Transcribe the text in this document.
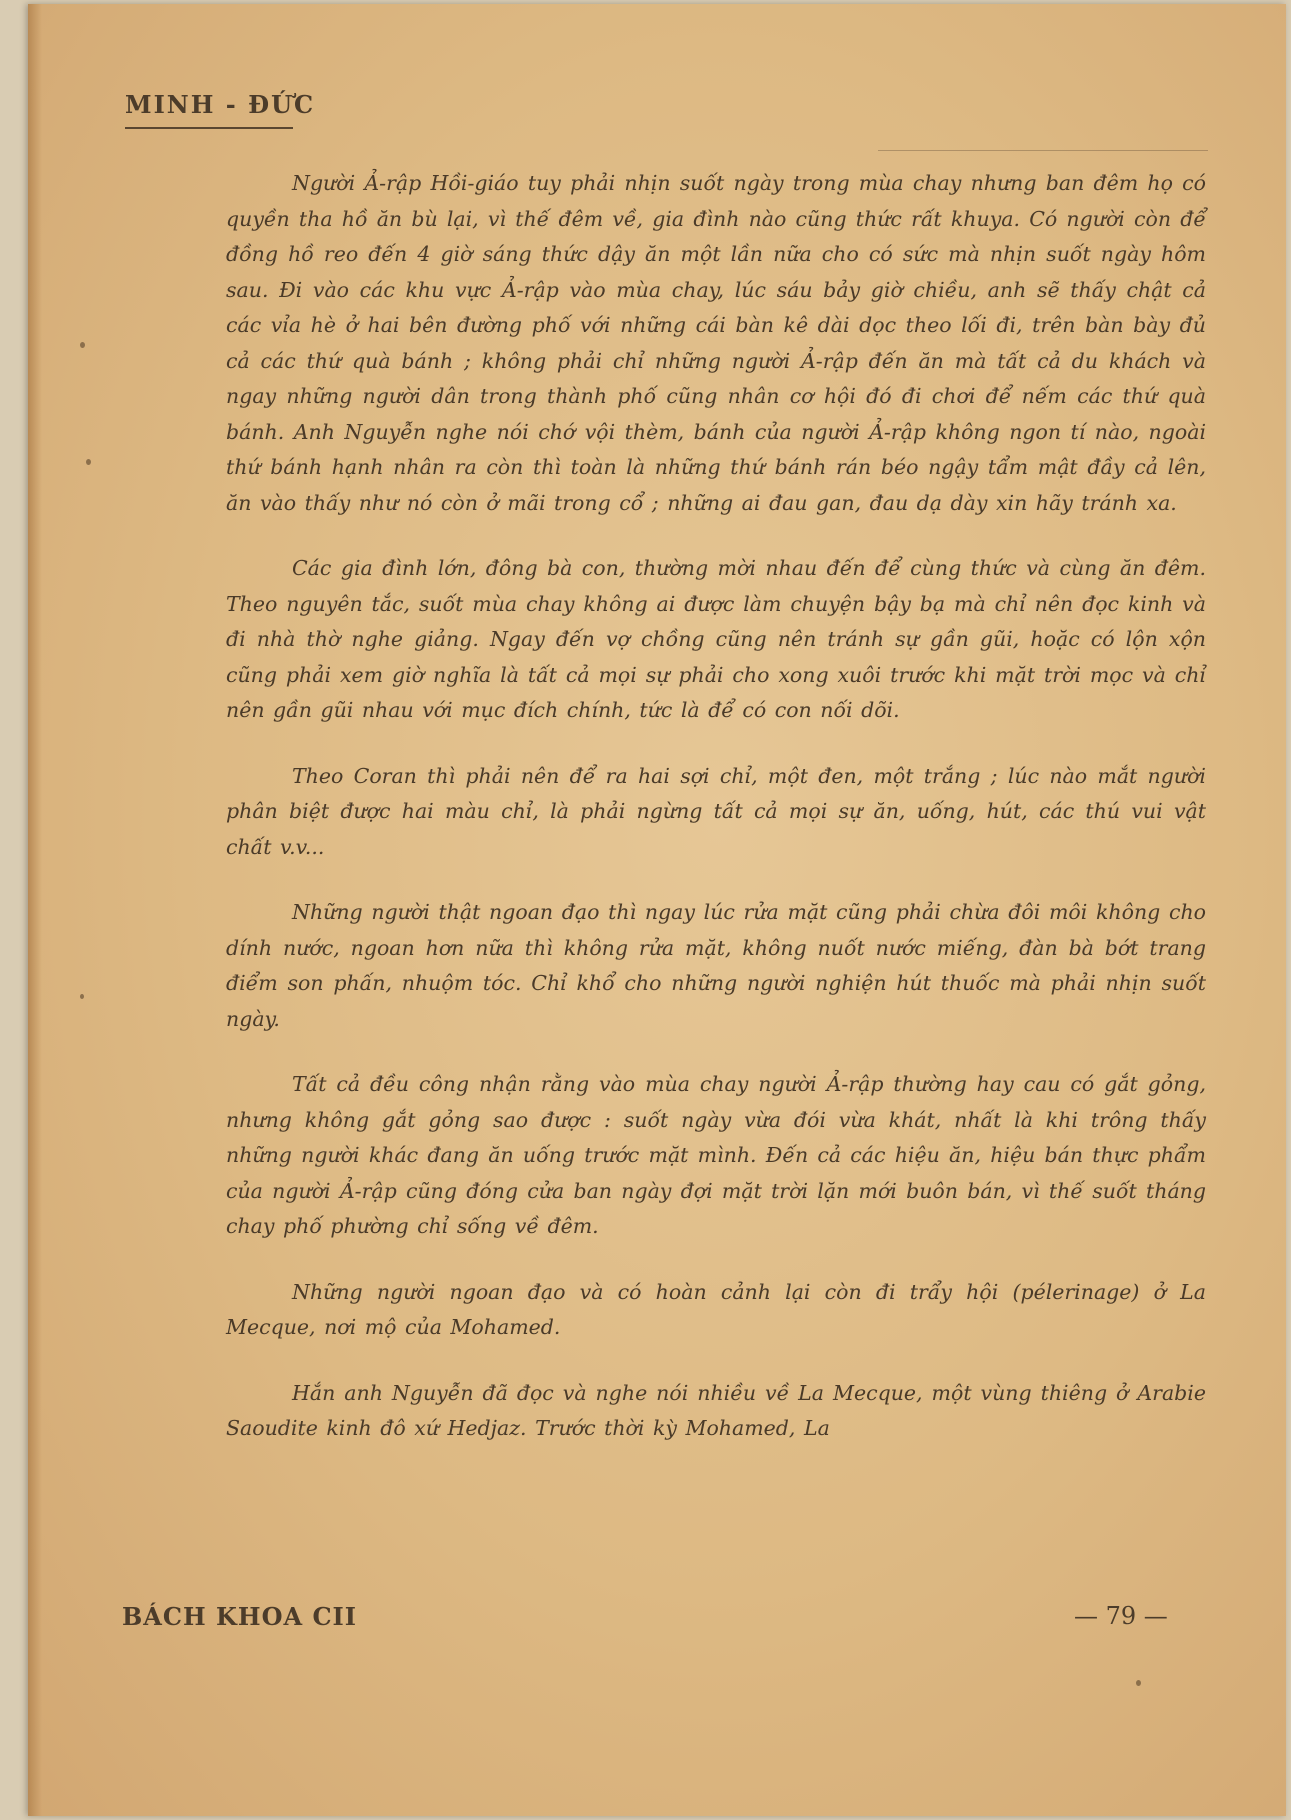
MINH - ĐỨC

Người Ả-rập Hồi-giáo tuy phải nhịn suốt ngày trong mùa chay nhưng ban đêm họ có quyền tha hồ ăn bù lại, vì thế đêm về, gia đình nào cũng thức rất khuya. Có người còn để đồng hồ reo đến 4 giờ sáng thức dậy ăn một lần nữa cho có sức mà nhịn suốt ngày hôm sau. Đi vào các khu vực Ả-rập vào mùa chay, lúc sáu bảy giờ chiều, anh sẽ thấy chật cả các vỉa hè ở hai bên đường phố với những cái bàn kê dài dọc theo lối đi, trên bàn bày đủ cả các thứ quà bánh ; không phải chỉ những người Ả-rập đến ăn mà tất cả du khách và ngay những người dân trong thành phố cũng nhân cơ hội đó đi chơi để nếm các thứ quà bánh. Anh Nguyễn nghe nói chớ vội thèm, bánh của người Ả-rập không ngon tí nào, ngoài thứ bánh hạnh nhân ra còn thì toàn là những thứ bánh rán béo ngậy tẩm mật đầy cả lên, ăn vào thấy như nó còn ở mãi trong cổ ; những ai đau gan, đau dạ dày xin hãy tránh xa.

Các gia đình lớn, đông bà con, thường mời nhau đến để cùng thức và cùng ăn đêm. Theo nguyên tắc, suốt mùa chay không ai được làm chuyện bậy bạ mà chỉ nên đọc kinh và đi nhà thờ nghe giảng. Ngay đến vợ chồng cũng nên tránh sự gần gũi, hoặc có lộn xộn cũng phải xem giờ nghĩa là tất cả mọi sự phải cho xong xuôi trước khi mặt trời mọc và chỉ nên gần gũi nhau với mục đích chính, tức là để có con nối dõi.

Theo Coran thì phải nên để ra hai sợi chỉ, một đen, một trắng ; lúc nào mắt người phân biệt được hai màu chỉ, là phải ngừng tất cả mọi sự ăn, uống, hút, các thú vui vật chất v.v...

Những người thật ngoan đạo thì ngay lúc rửa mặt cũng phải chừa đôi môi không cho dính nước, ngoan hơn nữa thì không rửa mặt, không nuốt nước miếng, đàn bà bớt trang điểm son phấn, nhuộm tóc. Chỉ khổ cho những người nghiện hút thuốc mà phải nhịn suốt ngày.

Tất cả đều công nhận rằng vào mùa chay người Ả-rập thường hay cau có gắt gỏng, nhưng không gắt gỏng sao được : suốt ngày vừa đói vừa khát, nhất là khi trông thấy những người khác đang ăn uống trước mặt mình. Đến cả các hiệu ăn, hiệu bán thực phẩm của người Ả-rập cũng đóng cửa ban ngày đợi mặt trời lặn mới buôn bán, vì thế suốt tháng chay phố phường chỉ sống về đêm.

Những người ngoan đạo và có hoàn cảnh lại còn đi trẩy hội (pélerinage) ở La Mecque, nơi mộ của Mohamed.

Hắn anh Nguyễn đã đọc và nghe nói nhiều về La Mecque, một vùng thiêng ở Arabie Saoudite kinh đô xứ Hedjaz. Trước thời kỳ Mohamed, La

BÁCH KHOA CII	— 79 —
